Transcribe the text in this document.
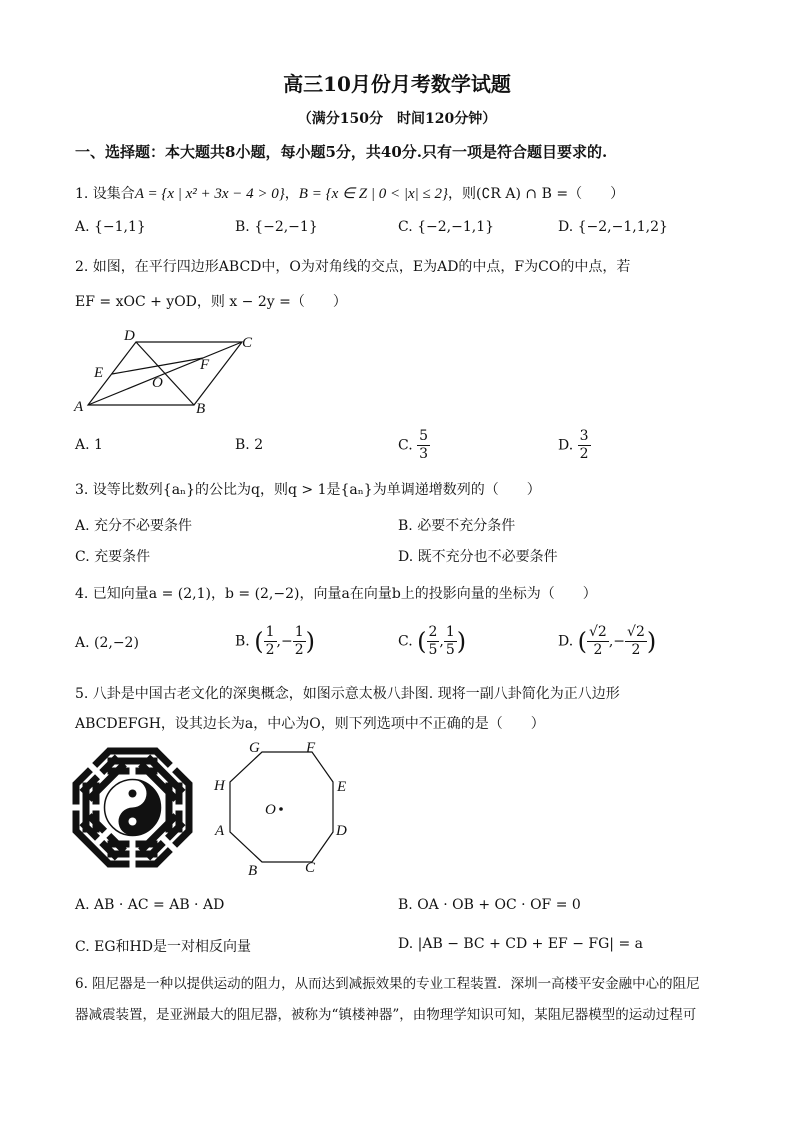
高三10月份月考数学试题
（满分150分　时间120分钟）
一、选择题：本大题共8小题，每小题5分，共40分.只有一项是符合题目要求的.
1. 设集合A = {x | x² + 3x − 4 > 0}，B = {x ∈ Z | 0 < |x| ≤ 2}，则(∁R A) ∩ B =（　　）
A. {−1,1}	B. {−2,−1}	C. {−2,−1,1}	D. {−2,−1,1,2}
2. 如图，在平行四边形ABCD中，O为对角线的交点，E为AD的中点，F为CO的中点，若
EF = xOC + yOD，则 x − 2y =（　　）
D	C
E	F
O
A	B
A. 1	B. 2	C. $\frac{5}{3}$	D. $\frac{3}{2}$
3. 设等比数列{aₙ}的公比为q，则q > 1是{aₙ}为单调递增数列的（　　）
A. 充分不必要条件	B. 必要不充分条件
C. 充要条件	D. 既不充分也不必要条件
4. 已知向量a = (2,1)，b = (2,−2)，向量a在向量b上的投影向量的坐标为（　　）
A. (2,−2)	B. ( $\frac{1}{2}$ ,− $\frac{1}{2}$ )	C. ( $\frac{2}{5}$ , $\frac{1}{5}$ )	D. ( $\frac{√2}{2}$ ,− $\frac{√2}{2}$ )
5. 八卦是中国古老文化的深奥概念，如图示意太极八卦图. 现将一副八卦简化为正八边形
ABCDEFGH，设其边长为a，中心为O，则下列选项中不正确的是（　　）
G	F
H	E
O
A	D
B	C
A. AB · AC = AB · AD	B. OA · OB + OC · OF = 0
C. EG和HD是一对相反向量	D. |AB − BC + CD + EF − FG| = a
6. 阻尼器是一种以提供运动的阻力，从而达到减振效果的专业工程装置．深圳一高楼平安金融中心的阻尼
器减震装置，是亚洲最大的阻尼器，被称为“镇楼神器”，由物理学知识可知，某阻尼器模型的运动过程可
